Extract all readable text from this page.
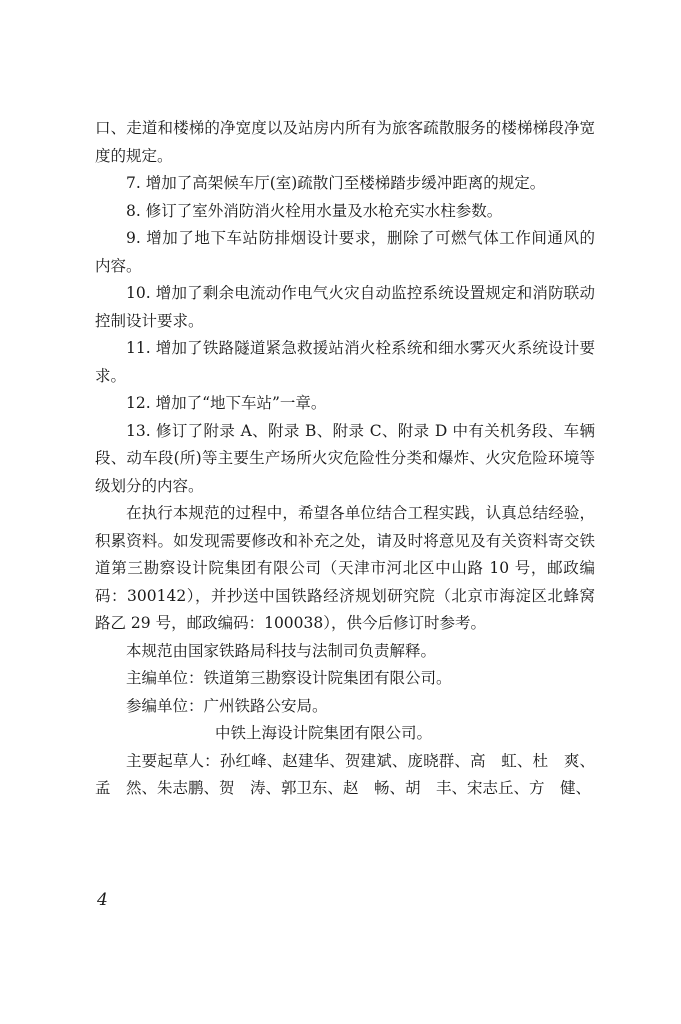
口、走道和楼梯的净宽度以及站房内所有为旅客疏散服务的楼梯梯段净宽度的规定。

7. 增加了高架候车厅(室)疏散门至楼梯踏步缓冲距离的规定。

8. 修订了室外消防消火栓用水量及水枪充实水柱参数。

9. 增加了地下车站防排烟设计要求，删除了可燃气体工作间通风的内容。

10. 增加了剩余电流动作电气火灾自动监控系统设置规定和消防联动控制设计要求。

11. 增加了铁路隧道紧急救援站消火栓系统和细水雾灭火系统设计要求。

12. 增加了“地下车站”一章。

13. 修订了附录 A、附录 B、附录 C、附录 D 中有关机务段、车辆段、动车段(所)等主要生产场所火灾危险性分类和爆炸、火灾危险环境等级划分的内容。

在执行本规范的过程中，希望各单位结合工程实践，认真总结经验，积累资料。如发现需要修改和补充之处，请及时将意见及有关资料寄交铁道第三勘察设计院集团有限公司（天津市河北区中山路 10 号，邮政编码：300142），并抄送中国铁路经济规划研究院（北京市海淀区北蜂窝路乙 29 号，邮政编码：100038），供今后修订时参考。

本规范由国家铁路局科技与法制司负责解释。

主编单位：铁道第三勘察设计院集团有限公司。

参编单位：广州铁路公安局。

中铁上海设计院集团有限公司。

主要起草人：孙红峰、赵建华、贺建斌、庞晓群、高　虹、杜　爽、孟　然、朱志鹏、贺　涛、郭卫东、赵　畅、胡　丰、宋志丘、方　健、

4
